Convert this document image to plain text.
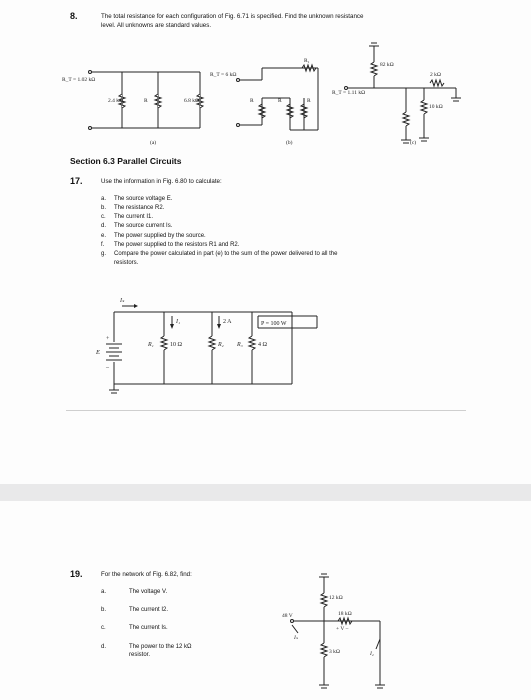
8.	The total resistance for each configuration of Fig. 6.71 is specified. Find the unknown resistance
level. All unknowns are standard values.
R_T = 1.02 kΩ
2.4 kΩ	R	6.8 kΩ
(a)
R_T = 6 kΩ
R₁
R	R	R
(b)
R_T = 1.11 kΩ
82 kΩ
2 kΩ
10 kΩ
(c)
Section 6.3 Parallel Circuits
17.	Use the information in Fig. 6.80 to calculate:
a. The source voltage E.
b. The resistance R2.
c. The current I1.
d. The source current Is.
e. The power supplied by the source.
f. The power supplied to the resistors R1 and R2.
g. Compare the power calculated in part (e) to the sum of the power delivered to all the
resistors.
Iₛ
I₁	2 A	P = 100 W
E
+
–
R₁	10 Ω	R₂ R₃	4 Ω
19.	For the network of Fig. 6.82, find:
a.	The voltage V.
b.	The current I2.
c.	The current Is.
d.	The power to the 12 kΩ
resistor.
48 V
Iₛ
12 kΩ
18 kΩ
+ V –
3 kΩ	I₂
